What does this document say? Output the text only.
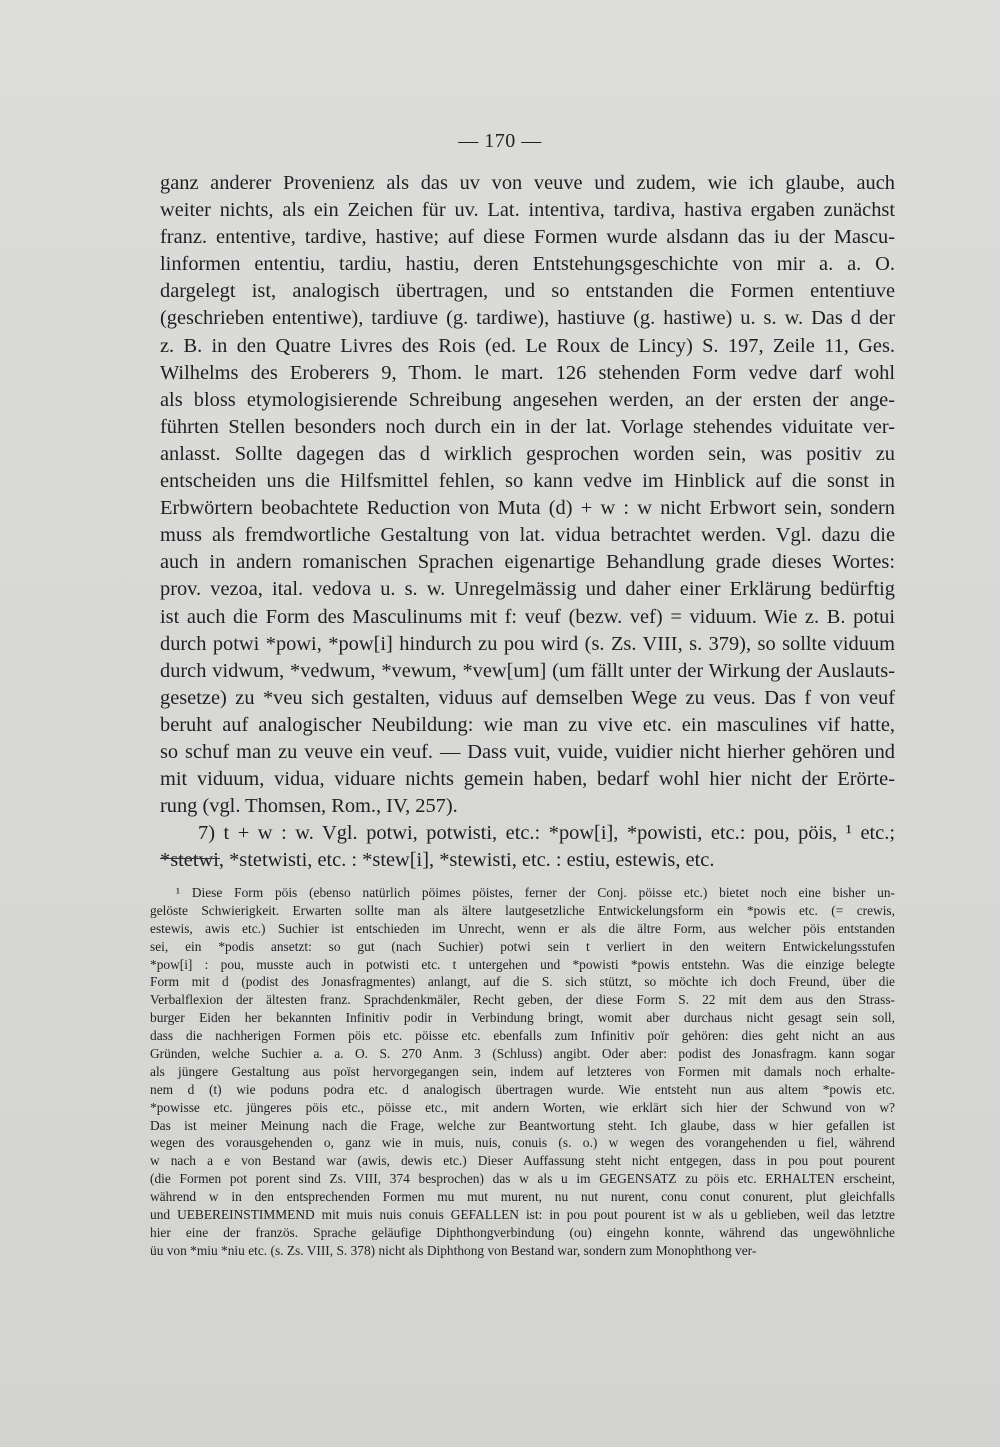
— 170 —
ganz anderer Provenienz als das uv von veuve und zudem, wie ich glaube, auch
weiter nichts, als ein Zeichen für uv. Lat. intentiva, tardiva, hastiva ergaben zunächst
franz. ententive, tardive, hastive; auf diese Formen wurde alsdann das iu der Mascu-
linformen ententiu, tardiu, hastiu, deren Entstehungsgeschichte von mir a. a. O.
dargelegt ist, analogisch übertragen, und so entstanden die Formen ententiuve
(geschrieben ententiwe), tardiuve (g. tardiwe), hastiuve (g. hastiwe) u. s. w. Das d der
z. B. in den Quatre Livres des Rois (ed. Le Roux de Lincy) S. 197, Zeile 11, Ges.
Wilhelms des Eroberers 9, Thom. le mart. 126 stehenden Form vedve darf wohl
als bloss etymologisierende Schreibung angesehen werden, an der ersten der ange-
führten Stellen besonders noch durch ein in der lat. Vorlage stehendes viduitate ver-
anlasst. Sollte dagegen das d wirklich gesprochen worden sein, was positiv zu
entscheiden uns die Hilfsmittel fehlen, so kann vedve im Hinblick auf die sonst in
Erbwörtern beobachtete Reduction von Muta (d) + w : w nicht Erbwort sein, sondern
muss als fremdwortliche Gestaltung von lat. vidua betrachtet werden. Vgl. dazu die
auch in andern romanischen Sprachen eigenartige Behandlung grade dieses Wortes:
prov. vezoa, ital. vedova u. s. w. Unregelmässig und daher einer Erklärung bedürftig
ist auch die Form des Masculinums mit f: veuf (bezw. vef) = viduum. Wie z. B. potui
durch potwi *powi, *pow[i] hindurch zu pou wird (s. Zs. VIII, s. 379), so sollte viduum
durch vidwum, *vedwum, *vewum, *vew[um] (um fällt unter der Wirkung der Auslauts-
gesetze) zu *veu sich gestalten, viduus auf demselben Wege zu veus. Das f von veuf
beruht auf analogischer Neubildung: wie man zu vive etc. ein masculines vif hatte,
so schuf man zu veuve ein veuf. — Dass vuit, vuide, vuidier nicht hierher gehören und
mit viduum, vidua, viduare nichts gemein haben, bedarf wohl hier nicht der Erörte-
rung (vgl. Thomsen, Rom., IV, 257).
7) t + w : w. Vgl. potwi, potwisti, etc.: *pow[i], *powisti, etc.: pou, pöis, ¹ etc.;
*stetwi, *stetwisti, etc. : *stew[i], *stewisti, etc. : estiu, estewis, etc.
¹ Diese Form pöis (ebenso natürlich pöimes pöistes, ferner der Conj. pöisse etc.) bietet noch eine bisher un-
gelöste Schwierigkeit. Erwarten sollte man als ältere lautgesetzliche Entwickelungsform ein *powis etc. (= crewis,
estewis, awis etc.) Suchier ist entschieden im Unrecht, wenn er als die ältre Form, aus welcher pöis entstanden
sei, ein *podis ansetzt: so gut (nach Suchier) potwi sein t verliert in den weitern Entwickelungsstufen
*pow[i] : pou, musste auch in potwisti etc. t untergehen und *powisti *powis entstehn. Was die einzige belegte
Form mit d (podist des Jonasfragmentes) anlangt, auf die S. sich stützt, so möchte ich doch Freund, über die
Verbalflexion der ältesten franz. Sprachdenkmäler, Recht geben, der diese Form S. 22 mit dem aus den Strass-
burger Eiden her bekannten Infinitiv podir in Verbindung bringt, womit aber durchaus nicht gesagt sein soll,
dass die nachherigen Formen pöis etc. pöisse etc. ebenfalls zum Infinitiv poïr gehören: dies geht nicht an aus
Gründen, welche Suchier a. a. O. S. 270 Anm. 3 (Schluss) angibt. Oder aber: podist des Jonasfragm. kann sogar
als jüngere Gestaltung aus poïst hervorgegangen sein, indem auf letzteres von Formen mit damals noch erhalte-
nem d (t) wie poduns podra etc. d analogisch übertragen wurde. Wie entsteht nun aus altem *powis etc.
*powisse etc. jüngeres pöis etc., pöisse etc., mit andern Worten, wie erklärt sich hier der Schwund von w?
Das ist meiner Meinung nach die Frage, welche zur Beantwortung steht. Ich glaube, dass w hier gefallen ist
wegen des vorausgehenden o, ganz wie in muis, nuis, conuis (s. o.) w wegen des vorangehenden u fiel, während
w nach a e von Bestand war (awis, dewis etc.) Dieser Auffassung steht nicht entgegen, dass in pou pout pourent
(die Formen pot porent sind Zs. VIII, 374 besprochen) das w als u im GEGENSATZ zu pöis etc. ERHALTEN erscheint,
während w in den entsprechenden Formen mu mut murent, nu nut nurent, conu conut conurent, plut gleichfalls
und UEBEREINSTIMMEND mit muis nuis conuis GEFALLEN ist: in pou pout pourent ist w als u geblieben, weil das letztre
hier eine der französ. Sprache geläufige Diphthongverbindung (ou) eingehn konnte, während das ungewöhnliche
üu von *miu *niu etc. (s. Zs. VIII, S. 378) nicht als Diphthong von Bestand war, sondern zum Monophthong ver-
